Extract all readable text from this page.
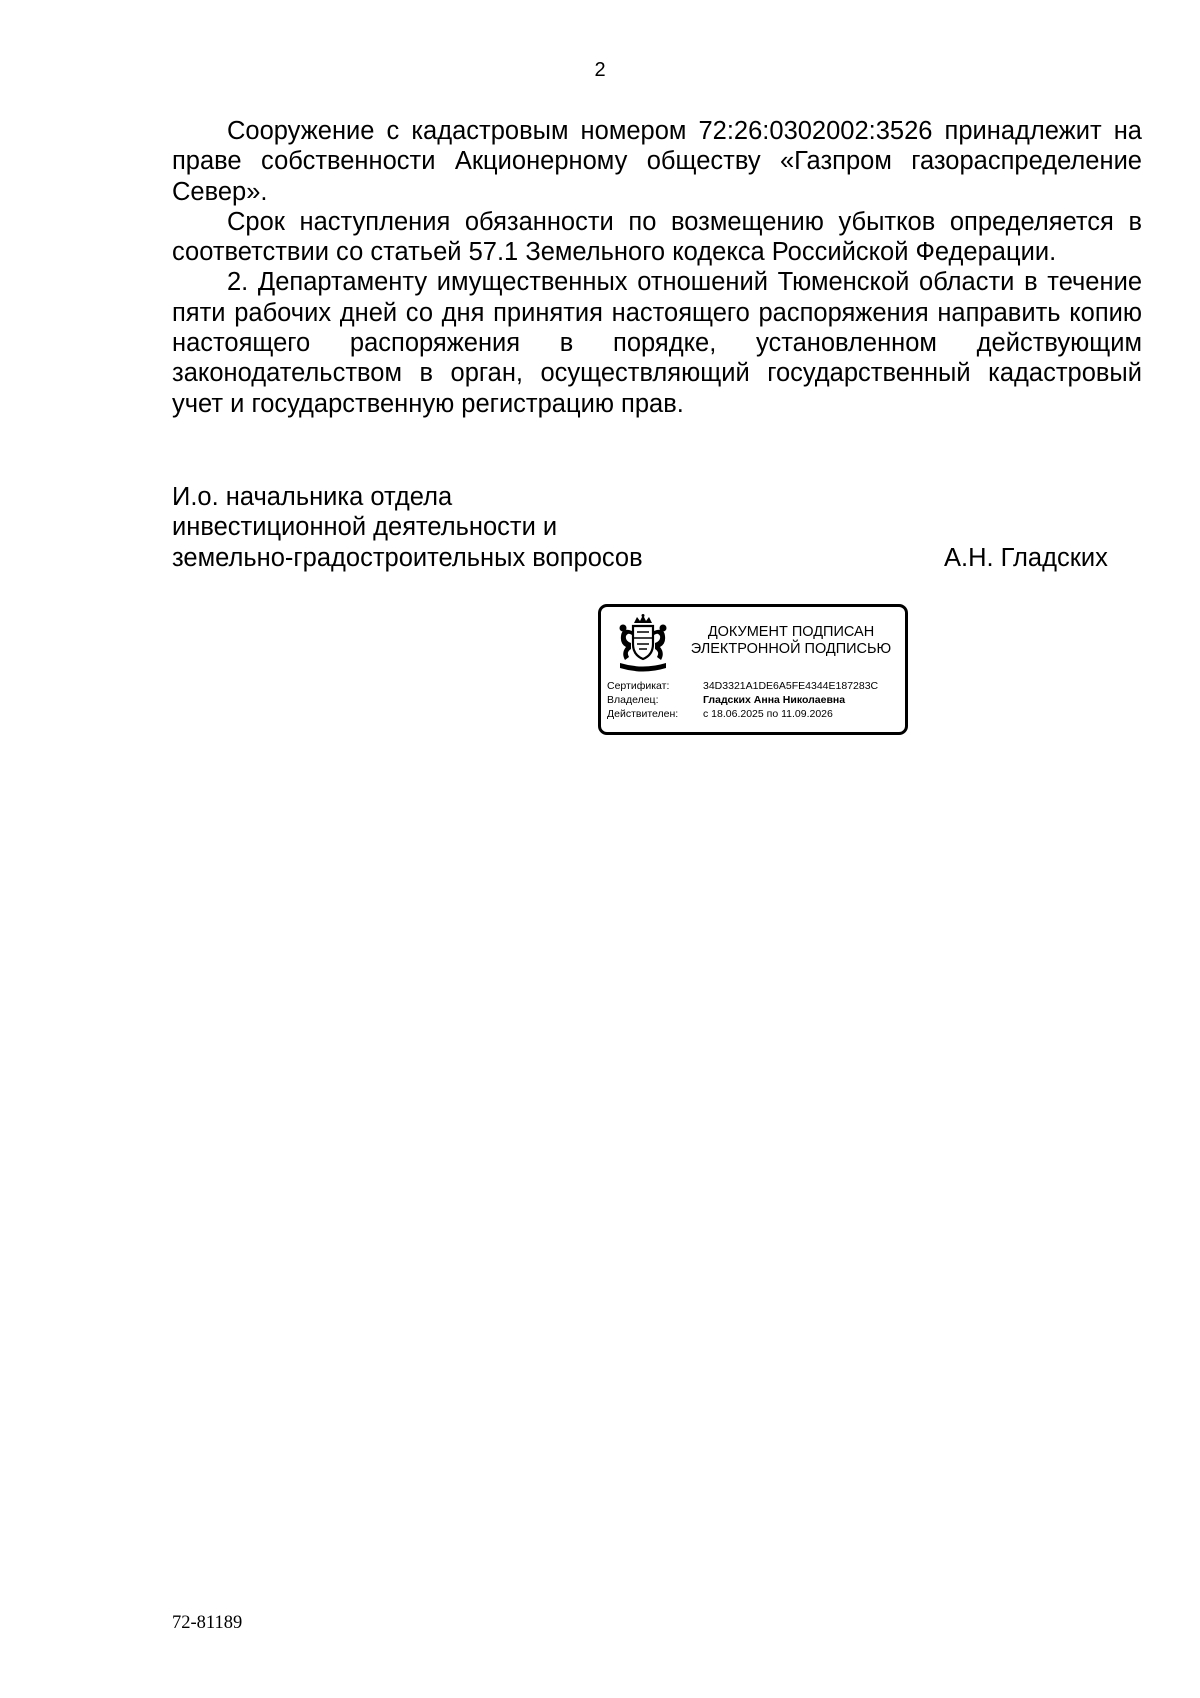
2

Сооружение с кадастровым номером 72:26:0302002:3526 принадлежит на праве собственности Акционерному обществу «Газпром газораспределение Север».

Срок наступления обязанности по возмещению убытков определяется в соответствии со статьей 57.1 Земельного кодекса Российской Федерации.

2. Департаменту имущественных отношений Тюменской области в течение пяти рабочих дней со дня принятия настоящего распоряжения направить копию настоящего распоряжения в порядке, установленном действующим законодательством в орган, осуществляющий государственный кадастровый учет и государственную регистрацию прав.

И.о. начальника отдела
инвестиционной деятельности и
земельно-градостроительных вопросов	А.Н. Гладских
ДОКУМЕНТ ПОДПИСАН
ЭЛЕКТРОННОЙ ПОДПИСЬЮ
Сертификат:	34D3321A1DE6A5FE4344E187283C
Владелец:	Гладских Анна Николаевна
Действителен: с 18.06.2025 по 11.09.2026
72-81189
